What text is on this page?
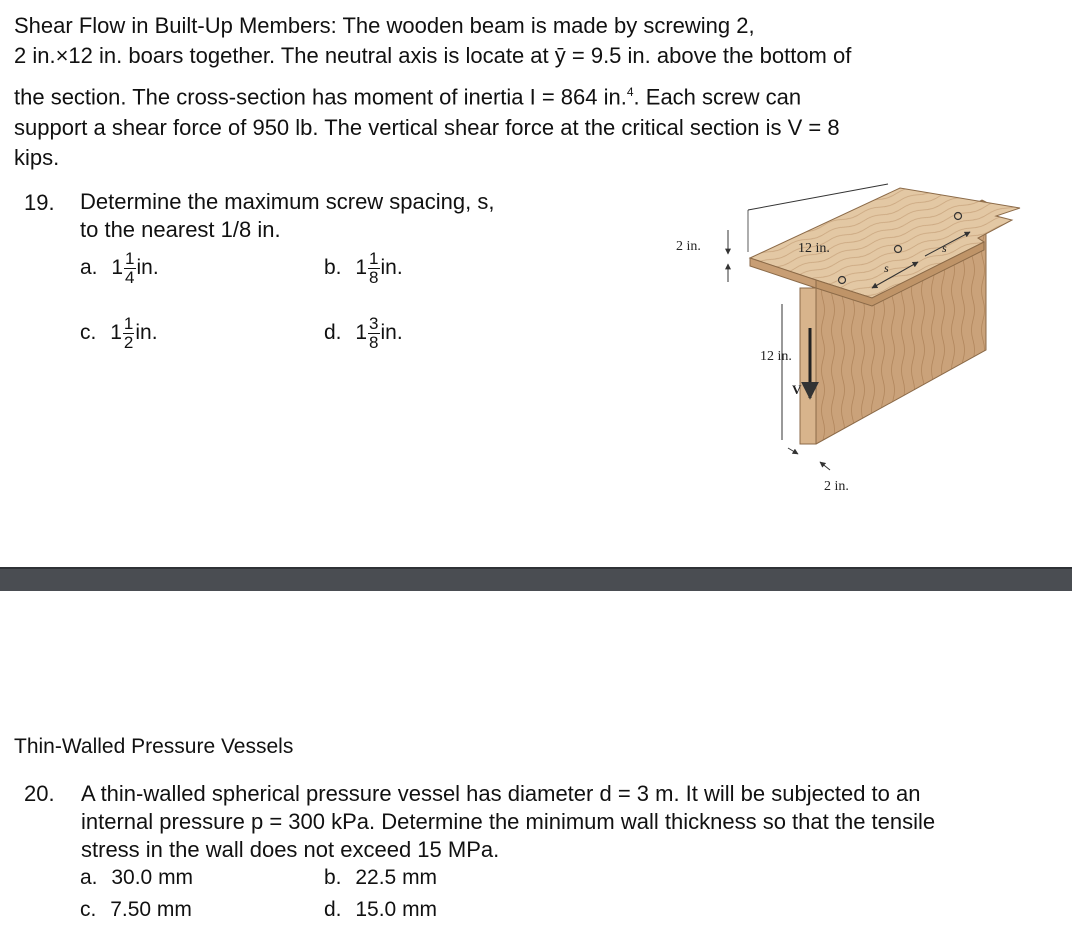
Shear Flow in Built-Up Members: The wooden beam is made by screwing 2,
2 in.×12 in. boars together. The neutral axis is locate at ȳ = 9.5 in. above the bottom of
the section. The cross-section has moment of inertia I = 864 in.$^4$. Each screw can
support a shear force of 950 lb. The vertical shear force at the critical section is V = 8
kips.
19. Determine the maximum screw spacing, s,
to the nearest 1/8 in.
a. $1 \frac{1}{4}$ in.	b. $1 \frac{1}{8}$ in.
c. $1 \frac{1}{2}$ in.	d. $1 \frac{3}{8}$ in.
s
s
12 in.
2 in.
12 in.
V
2 in.
Thin-Walled Pressure Vessels
20. A thin-walled spherical pressure vessel has diameter d = 3 m. It will be subjected to an
internal pressure p = 300 kPa. Determine the minimum wall thickness so that the tensile
stress in the wall does not exceed 15 MPa.
a. 30.0 mm	b. 22.5 mm
c. 7.50 mm	d. 15.0 mm
